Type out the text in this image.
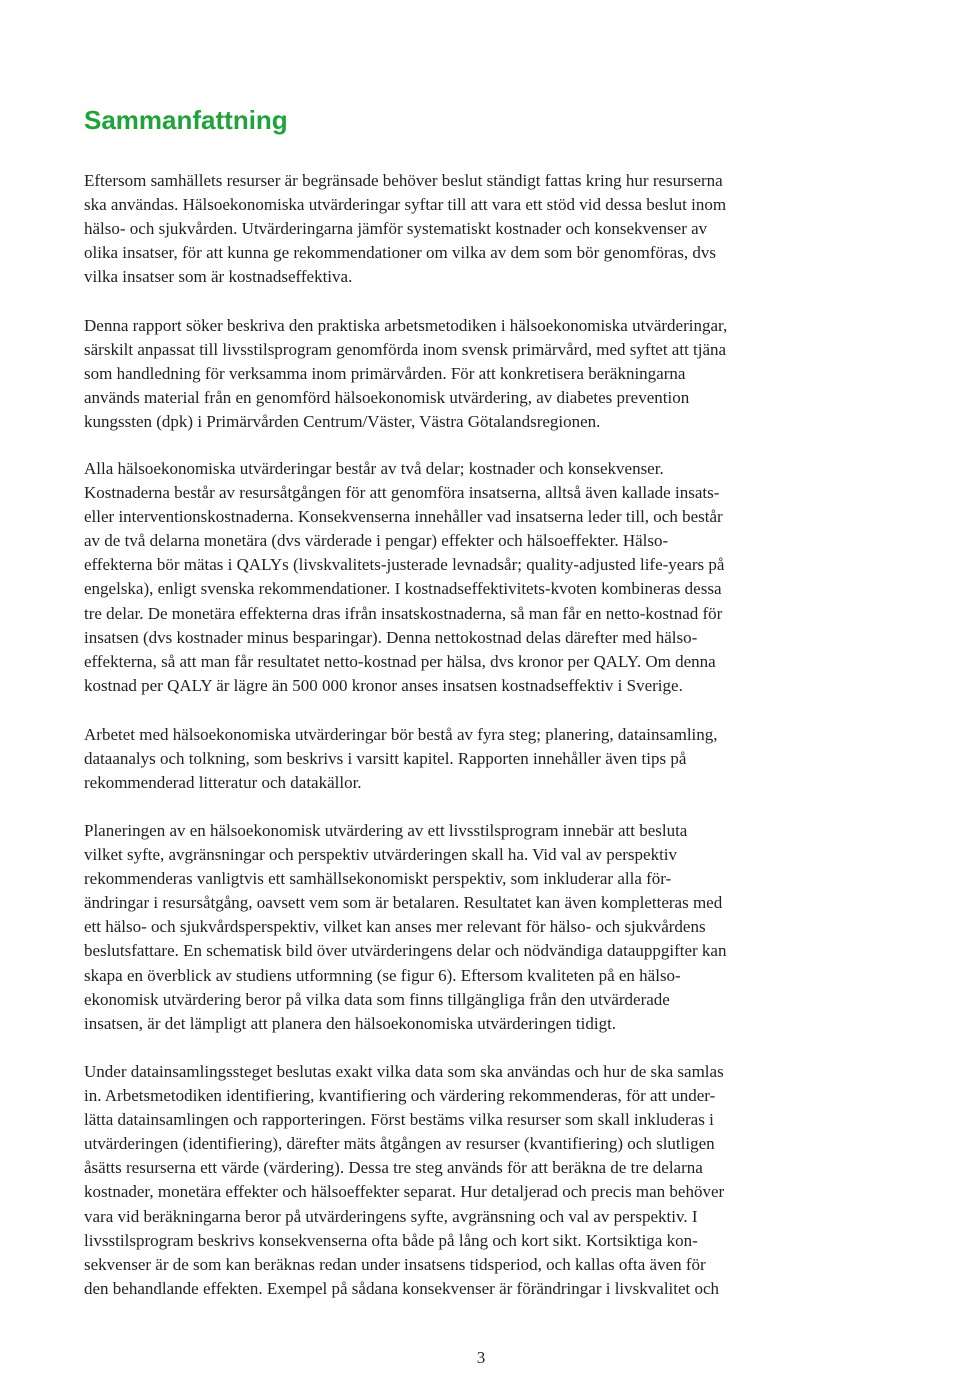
Sammanfattning

Eftersom samhällets resurser är begränsade behöver beslut ständigt fattas kring hur resurserna
ska användas. Hälsoekonomiska utvärderingar syftar till att vara ett stöd vid dessa beslut inom
hälso- och sjukvården. Utvärderingarna jämför systematiskt kostnader och konsekvenser av
olika insatser, för att kunna ge rekommendationer om vilka av dem som bör genomföras, dvs
vilka insatser som är kostnadseffektiva.

Denna rapport söker beskriva den praktiska arbetsmetodiken i hälsoekonomiska utvärderingar,
särskilt anpassat till livsstilsprogram genomförda inom svensk primärvård, med syftet att tjäna
som handledning för verksamma inom primärvården. För att konkretisera beräkningarna
används material från en genomförd hälsoekonomisk utvärdering, av diabetes prevention
kungssten (dpk) i Primärvården Centrum/Väster, Västra Götalandsregionen.

Alla hälsoekonomiska utvärderingar består av två delar; kostnader och konsekvenser.
Kostnaderna består av resursåtgången för att genomföra insatserna, alltså även kallade insats-
eller interventionskostnaderna. Konsekvenserna innehåller vad insatserna leder till, och består
av de två delarna monetära (dvs värderade i pengar) effekter och hälsoeffekter. Hälso-
effekterna bör mätas i QALYs (livskvalitets-justerade levnadsår; quality-adjusted life-years på
engelska), enligt svenska rekommendationer. I kostnadseffektivitets-kvoten kombineras dessa
tre delar. De monetära effekterna dras ifrån insatskostnaderna, så man får en netto-kostnad för
insatsen (dvs kostnader minus besparingar). Denna nettokostnad delas därefter med hälso-
effekterna, så att man får resultatet netto-kostnad per hälsa, dvs kronor per QALY. Om denna
kostnad per QALY är lägre än 500 000 kronor anses insatsen kostnadseffektiv i Sverige.

Arbetet med hälsoekonomiska utvärderingar bör bestå av fyra steg; planering, datainsamling,
dataanalys och tolkning, som beskrivs i varsitt kapitel. Rapporten innehåller även tips på
rekommenderad litteratur och datakällor.

Planeringen av en hälsoekonomisk utvärdering av ett livsstilsprogram innebär att besluta
vilket syfte, avgränsningar och perspektiv utvärderingen skall ha. Vid val av perspektiv
rekommenderas vanligtvis ett samhällsekonomiskt perspektiv, som inkluderar alla för-
ändringar i resursåtgång, oavsett vem som är betalaren. Resultatet kan även kompletteras med
ett hälso- och sjukvårdsperspektiv, vilket kan anses mer relevant för hälso- och sjukvårdens
beslutsfattare. En schematisk bild över utvärderingens delar och nödvändiga datauppgifter kan
skapa en överblick av studiens utformning (se figur 6). Eftersom kvaliteten på en hälso-
ekonomisk utvärdering beror på vilka data som finns tillgängliga från den utvärderade
insatsen, är det lämpligt att planera den hälsoekonomiska utvärderingen tidigt.

Under datainsamlingssteget beslutas exakt vilka data som ska användas och hur de ska samlas
in. Arbetsmetodiken identifiering, kvantifiering och värdering rekommenderas, för att under-
lätta datainsamlingen och rapporteringen. Först bestäms vilka resurser som skall inkluderas i
utvärderingen (identifiering), därefter mäts åtgången av resurser (kvantifiering) och slutligen
åsätts resurserna ett värde (värdering). Dessa tre steg används för att beräkna de tre delarna
kostnader, monetära effekter och hälsoeffekter separat. Hur detaljerad och precis man behöver
vara vid beräkningarna beror på utvärderingens syfte, avgränsning och val av perspektiv. I
livsstilsprogram beskrivs konsekvenserna ofta både på lång och kort sikt. Kortsiktiga kon-
sekvenser är de som kan beräknas redan under insatsens tidsperiod, och kallas ofta även för
den behandlande effekten. Exempel på sådana konsekvenser är förändringar i livskvalitet och

3
